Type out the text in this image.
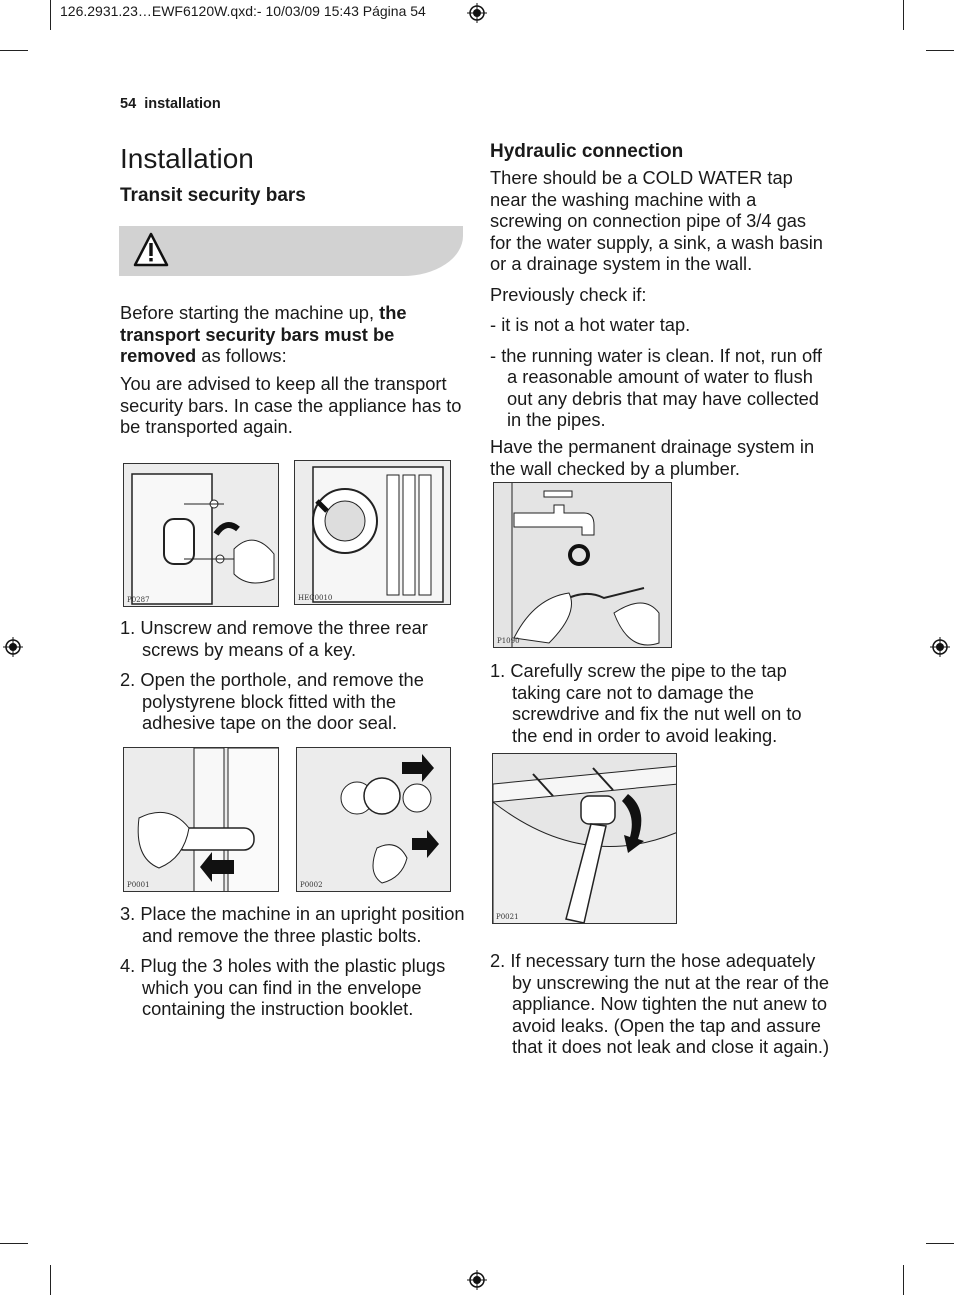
126.2931.23…EWF6120W.qxd:- 10/03/09 15:43 Página 54
54 installation
Installation
Transit security bars
Before starting the machine up, the transport security bars must be removed as follows:
You are advised to keep all the transport security bars. In case the appliance has to be transported again.
P0287	HEC0010
1. Unscrew and remove the three rear screws by means of a key.
2. Open the porthole, and remove the polystyrene block fitted with the adhesive tape on the door seal.
P0001	P0002
3. Place the machine in an upright position and remove the three plastic bolts.
4. Plug the 3 holes with the plastic plugs which you can find in the envelope containing the instruction booklet.
Hydraulic connection
There should be a COLD WATER tap near the washing machine with a screwing on connection pipe of 3/4 gas for the water supply, a sink, a wash basin or a drainage system in the wall.
Previously check if:
- it is not a hot water tap.
- the running water is clean. If not, run off a reasonable amount of water to flush out any debris that may have collected in the pipes.
Have the permanent drainage system in the wall checked by a plumber.
P1090
1. Carefully screw the pipe to the tap taking care not to damage the screwdrive and fix the nut well on to the end in order to avoid leaking.
P0021
2. If necessary turn the hose adequately by unscrewing the nut at the rear of the appliance. Now tighten the nut anew to avoid leaks. (Open the tap and assure that it does not leak and close it again.)
